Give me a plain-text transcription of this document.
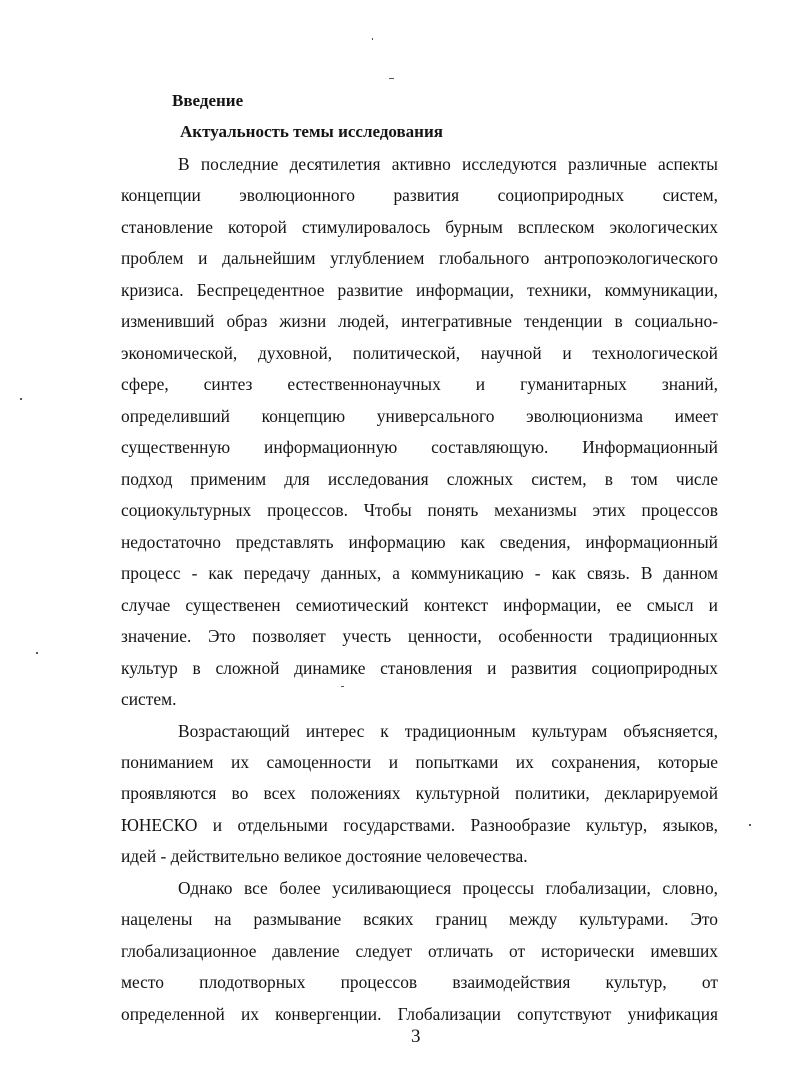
Введение
Актуальность темы исследования
В последние десятилетия активно исследуются различные аспекты
концепции эволюционного развития социоприродных систем,
становление которой стимулировалось бурным всплеском экологических
проблем и дальнейшим углублением глобального антропоэкологического
кризиса. Беспрецедентное развитие информации, техники, коммуникации,
изменивший образ жизни людей, интегративные тенденции в социально-
экономической, духовной, политической, научной и технологической
сфере, синтез естественнонаучных и гуманитарных знаний,
определивший концепцию универсального эволюционизма имеет
существенную информационную составляющую. Информационный
подход применим для исследования сложных систем, в том числе
социокультурных процессов. Чтобы понять механизмы этих процессов
недостаточно представлять информацию как сведения, информационный
процесс - как передачу данных, а коммуникацию - как связь. В данном
случае существенен семиотический контекст информации, ее смысл и
значение. Это позволяет учесть ценности, особенности традиционных
культур в сложной динамике становления и развития социоприродных
систем.
Возрастающий интерес к традиционным культурам объясняется,
пониманием их самоценности и попытками их сохранения, которые
проявляются во всех положениях культурной политики, декларируемой
ЮНЕСКО и отдельными государствами. Разнообразие культур, языков,
идей - действительно великое достояние человечества.
Однако все более усиливающиеся процессы глобализации, словно,
нацелены на размывание всяких границ между культурами. Это
глобализационное давление следует отличать от исторически имевших
место плодотворных процессов взаимодействия культур, от
определенной их конвергенции. Глобализации сопутствуют унификация
3
